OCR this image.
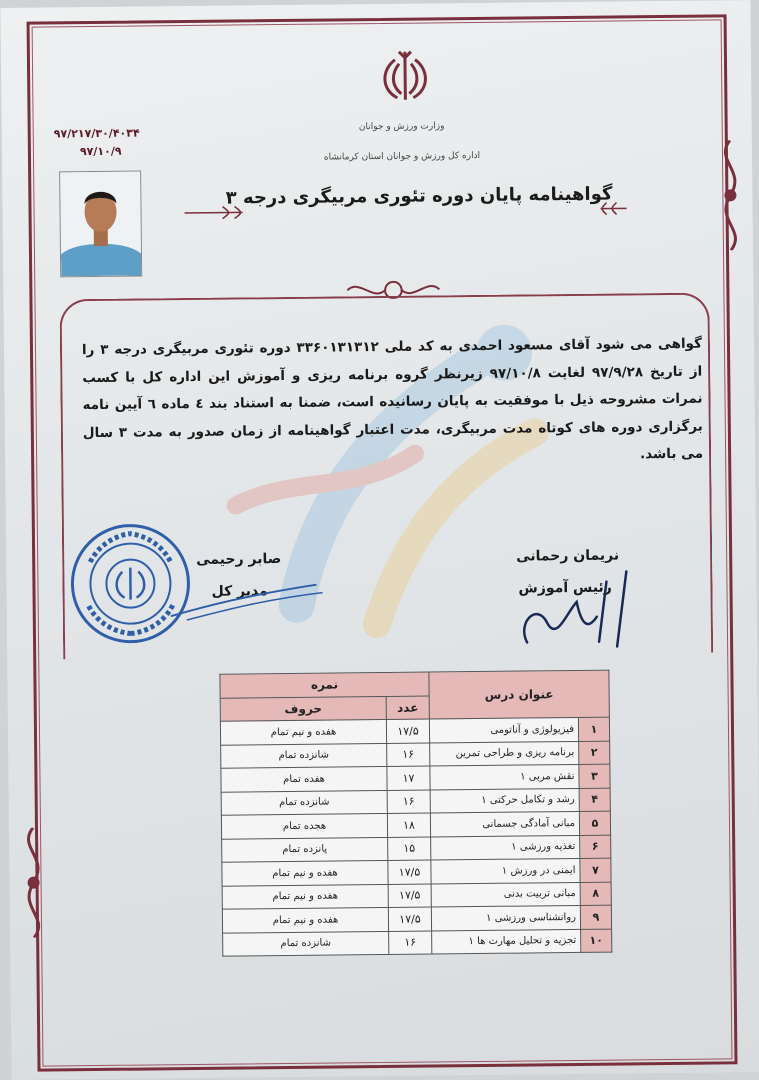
وزارت ورزش و جوانان
اداره کل ورزش و جوانان استان کرمانشاه
۹۷/۲۱۷/۳۰/۴۰۳۴
۹۷/۱۰/۹
گواهینامه پایان دوره تئوری مربیگری درجه ۳
گواهی می شود آقای مسعود احمدی به کد ملی ۳۳۶۰۱۳۱۳۱۲ دوره تئوری مربیگری درجه ۳ را از تاریخ ۹۷/۹/۲۸ لغایت ۹۷/۱۰/۸ زیرنظر گروه برنامه ریزی و آموزش این اداره کل با کسب نمرات مشروحه ذیل با موفقیت به پایان رسانیده است، ضمنا به استناد بند ٤ ماده ٦ آیین نامه برگزاری دوره های کوتاه مدت مربیگری، مدت اعتبار گواهینامه از زمان صدور به مدت ۳ سال می باشد.
صابر رحیمی
مدیر کل
نریمان رحمانی
رئیس آموزش
عنوان درس		نمره	
		عدد	حروف
۱	فیزیولوژی و آناتومی	۱۷/۵	هفده و نیم تمام
۲	برنامه ریزی و طراحی تمرین	۱۶	شانزده تمام
۳	نقش مربی ۱	۱۷	هفده تمام
۴	رشد و تکامل حرکتی ۱	۱۶	شانزده تمام
۵	مبانی آمادگی جسمانی	۱۸	هجده تمام
۶	تغذیه ورزشی ۱	۱۵	پانزده تمام
۷	ایمنی در ورزش ۱	۱۷/۵	هفده و نیم تمام
۸	مبانی تربیت بدنی	۱۷/۵	هفده و نیم تمام
۹	روانشناسی ورزشی ۱	۱۷/۵	هفده و نیم تمام
۱۰	تجزیه و تحلیل مهارت ها ۱	۱۶	شانزده تمام
